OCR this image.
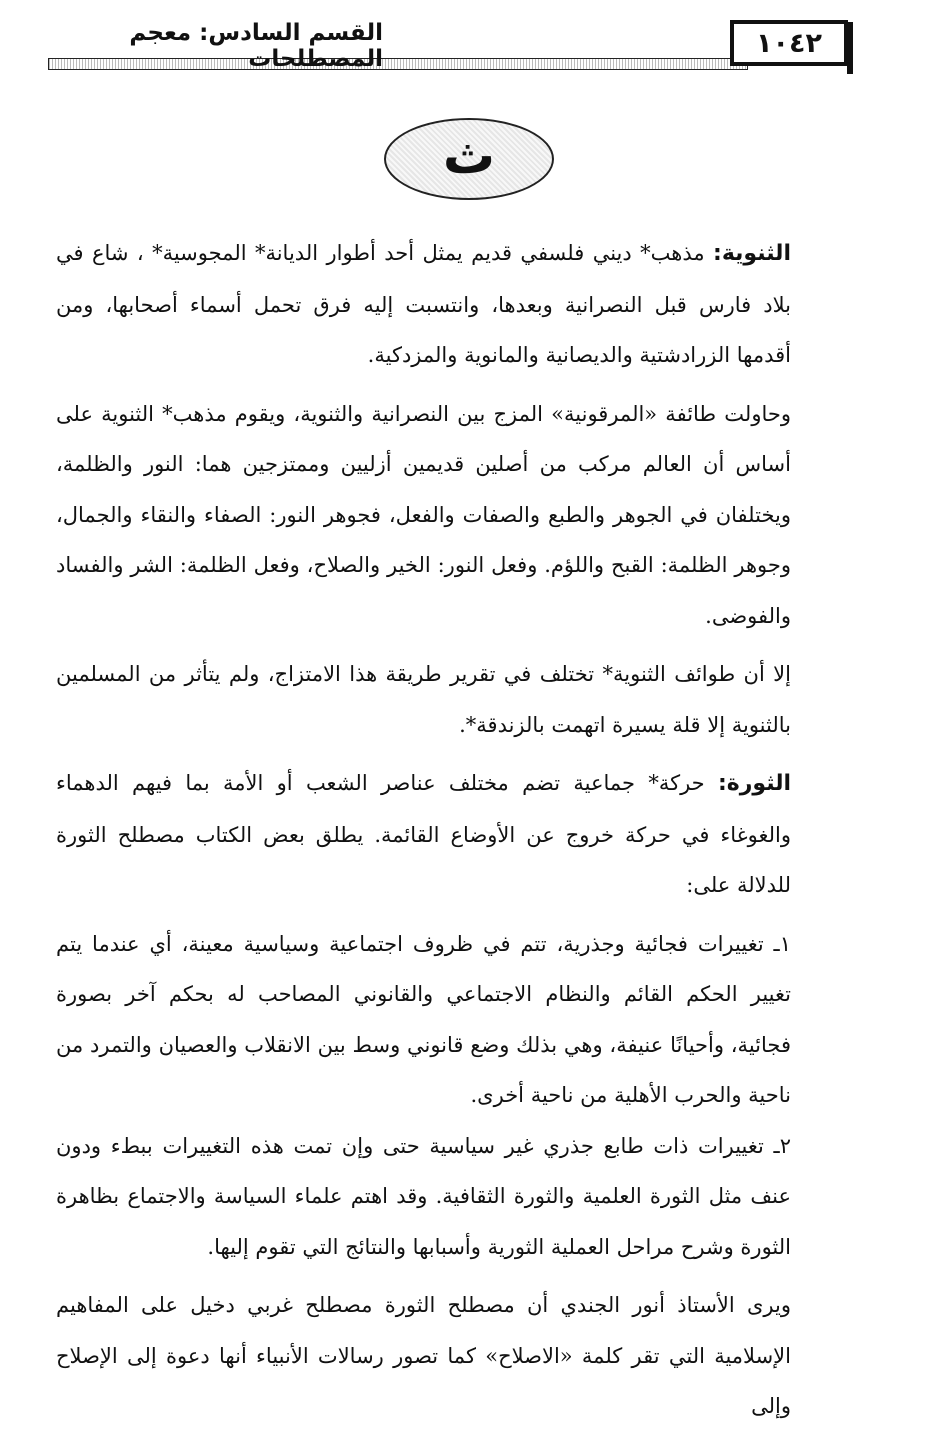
١٠٤٢
القسم السادس: معجم المصطلحات
ث

الثنوية: مذهب* ديني فلسفي قديم يمثل أحد أطوار الديانة* المجوسية* ، شاع في بلاد فارس قبل النصرانية وبعدها، وانتسبت إليه فرق تحمل أسماء أصحابها، ومن أقدمها الزرادشتية والديصانية والمانوية والمزدكية.

وحاولت طائفة «المرقونية» المزج بين النصرانية والثنوية، ويقوم مذهب* الثنوية على أساس أن العالم مركب من أصلين قديمين أزليين وممتزجين هما: النور والظلمة، ويختلفان في الجوهر والطبع والصفات والفعل، فجوهر النور: الصفاء والنقاء والجمال، وجوهر الظلمة: القبح واللؤم. وفعل النور: الخير والصلاح، وفعل الظلمة: الشر والفساد والفوضى.

إلا أن طوائف الثنوية* تختلف في تقرير طريقة هذا الامتزاج، ولم يتأثر من المسلمين بالثنوية إلا قلة يسيرة اتهمت بالزندقة*.

الثورة: حركة* جماعية تضم مختلف عناصر الشعب أو الأمة بما فيهم الدهماء والغوغاء في حركة خروج عن الأوضاع القائمة. يطلق بعض الكتاب مصطلح الثورة للدلالة على:

١ـ تغييرات فجائية وجذرية، تتم في ظروف اجتماعية وسياسية معينة، أي عندما يتم تغيير الحكم القائم والنظام الاجتماعي والقانوني المصاحب له بحكم آخر بصورة فجائية، وأحيانًا عنيفة، وهي بذلك وضع قانوني وسط بين الانقلاب والعصيان والتمرد من ناحية والحرب الأهلية من ناحية أخرى.

٢ـ تغييرات ذات طابع جذري غير سياسية حتى وإن تمت هذه التغييرات ببطء ودون عنف مثل الثورة العلمية والثورة الثقافية. وقد اهتم علماء السياسة والاجتماع بظاهرة الثورة وشرح مراحل العملية الثورية وأسبابها والنتائج التي تقوم إليها.

ويرى الأستاذ أنور الجندي أن مصطلح الثورة مصطلح غربي دخيل على المفاهيم الإسلامية التي تقر كلمة «الاصلاح» كما تصور رسالات الأنبياء أنها دعوة إلى الإصلاح وإلى
